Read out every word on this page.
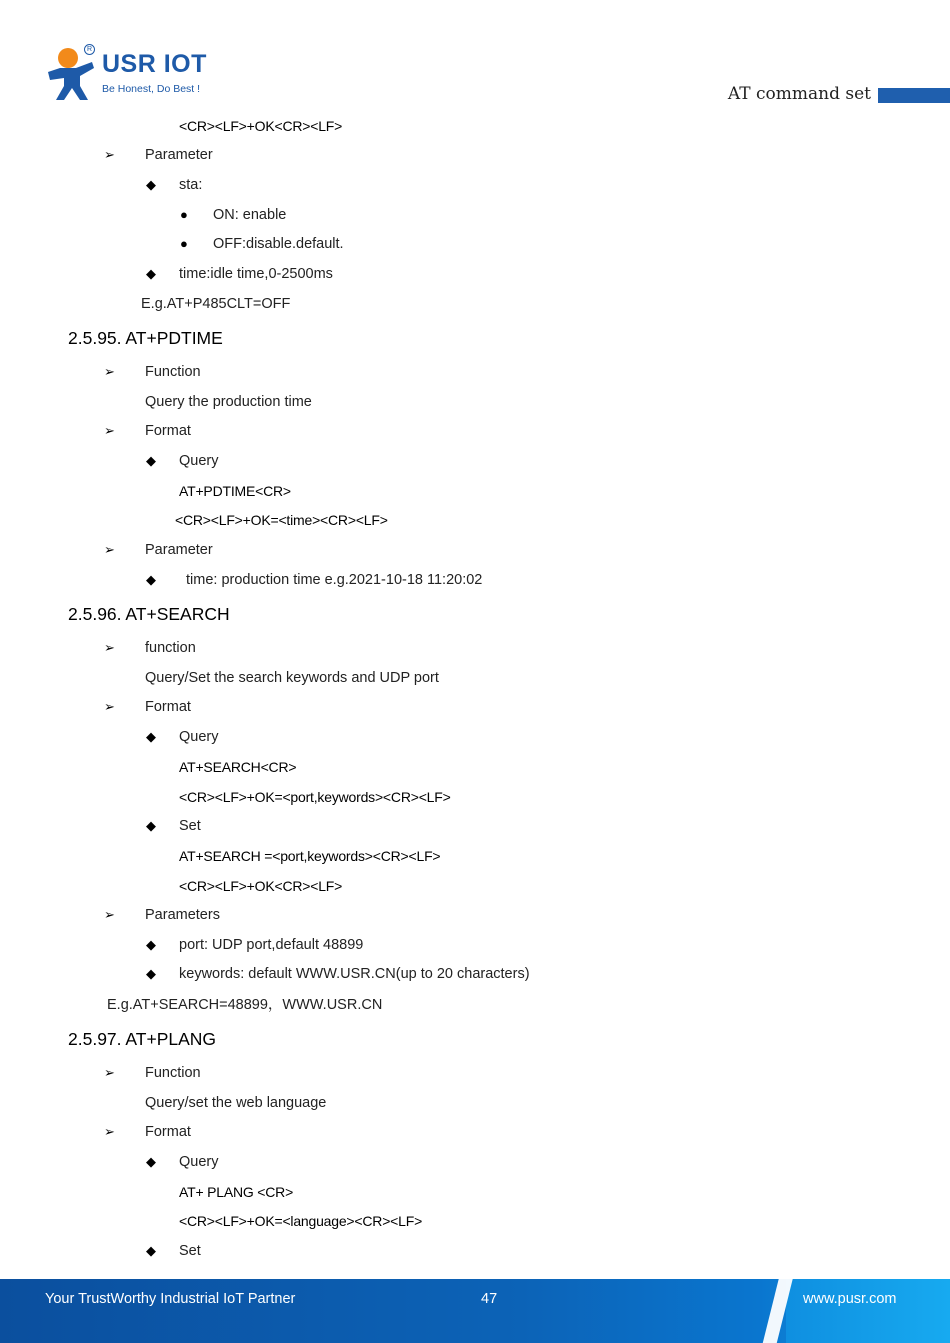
R
USR IOT
Be Honest, Do Best !	AT command set
<CR><LF>+OK<CR><LF>
➢ Parameter
◆ sta:
● ON: enable
● OFF:disable.default.
◆ time:idle time,0-2500ms
E.g.AT+P485CLT=OFF
2.5.95. AT+PDTIME
➢ Function
Query the production time
➢ Format
◆ Query
AT+PDTIME<CR>
<CR><LF>+OK=<time><CR><LF>
➢ Parameter
◆ time: production time e.g.2021-10-18 11:20:02
2.5.96. AT+SEARCH
➢ function
Query/Set the search keywords and UDP port
➢ Format
◆ Query
AT+SEARCH<CR>
<CR><LF>+OK=<port,keywords><CR><LF>
◆ Set
AT+SEARCH =<port,keywords><CR><LF>
<CR><LF>+OK<CR><LF>
➢ Parameters
◆ port: UDP port,default 48899
◆ keywords: default WWW.USR.CN(up to 20 characters)
E.g.AT+SEARCH=48899，WWW.USR.CN
2.5.97. AT+PLANG
➢ Function
Query/set the web language
➢ Format
◆ Query
AT+ PLANG <CR>
<CR><LF>+OK=<language><CR><LF>
◆ Set
Your TrustWorthy Industrial IoT Partner	47	www.pusr.com
